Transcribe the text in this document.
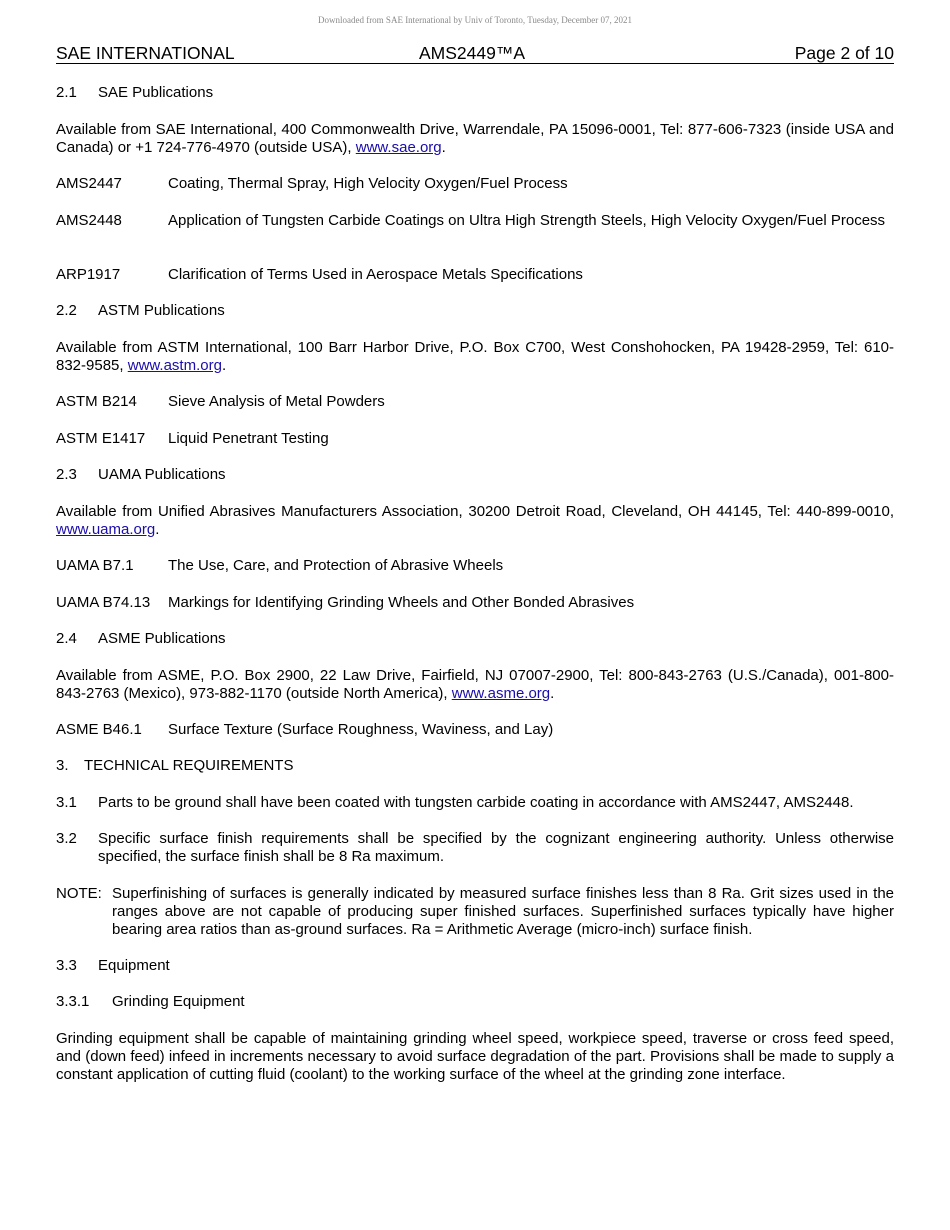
Downloaded from SAE International by Univ of Toronto, Tuesday, December 07, 2021
SAE INTERNATIONAL	AMS2449™A	Page 2 of 10
2.1 SAE Publications
Available from SAE International, 400 Commonwealth Drive, Warrendale, PA 15096-0001, Tel: 877-606-7323 (inside USA and Canada) or +1 724-776-4970 (outside USA), www.sae.org.
AMS2447	Coating, Thermal Spray, High Velocity Oxygen/Fuel Process
AMS2448	Application of Tungsten Carbide Coatings on Ultra High Strength Steels, High Velocity Oxygen/Fuel Process
ARP1917	Clarification of Terms Used in Aerospace Metals Specifications
2.2 ASTM Publications
Available from ASTM International, 100 Barr Harbor Drive, P.O. Box C700, West Conshohocken, PA 19428-2959, Tel: 610-832-9585, www.astm.org.
ASTM B214 Sieve Analysis of Metal Powders
ASTM E1417 Liquid Penetrant Testing
2.3 UAMA Publications
Available from Unified Abrasives Manufacturers Association, 30200 Detroit Road, Cleveland, OH 44145, Tel: 440-899-0010, www.uama.org.
UAMA B7.1 The Use, Care, and Protection of Abrasive Wheels
UAMA B74.13 Markings for Identifying Grinding Wheels and Other Bonded Abrasives
2.4 ASME Publications
Available from ASME, P.O. Box 2900, 22 Law Drive, Fairfield, NJ 07007-2900, Tel: 800-843-2763 (U.S./Canada), 001-800-843-2763 (Mexico), 973-882-1170 (outside North America), www.asme.org.
ASME B46.1 Surface Texture (Surface Roughness, Waviness, and Lay)
3. TECHNICAL REQUIREMENTS
3.1 Parts to be ground shall have been coated with tungsten carbide coating in accordance with AMS2447, AMS2448.
3.2 Specific surface finish requirements shall be specified by the cognizant engineering authority. Unless otherwise specified, the surface finish shall be 8 Ra maximum.
NOTE: Superfinishing of surfaces is generally indicated by measured surface finishes less than 8 Ra. Grit sizes used in the ranges above are not capable of producing super finished surfaces. Superfinished surfaces typically have higher bearing area ratios than as-ground surfaces. Ra = Arithmetic Average (micro-inch) surface finish.
3.3 Equipment
3.3.1 Grinding Equipment
Grinding equipment shall be capable of maintaining grinding wheel speed, workpiece speed, traverse or cross feed speed, and (down feed) infeed in increments necessary to avoid surface degradation of the part. Provisions shall be made to supply a constant application of cutting fluid (coolant) to the working surface of the wheel at the grinding zone interface.
